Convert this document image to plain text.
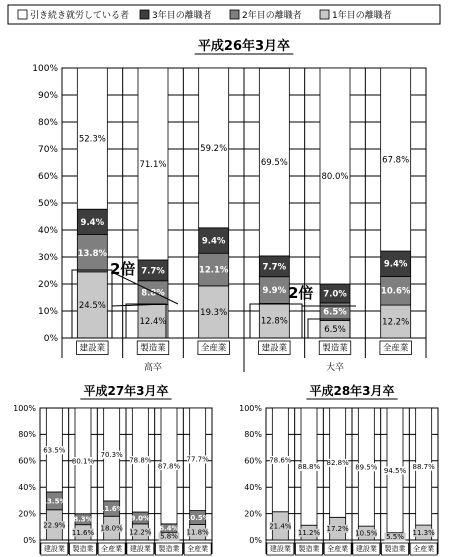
引き続き就労している者	3年目の離職者	2年目の離職者	1年目の離職者
平成26年3月卒
0%
10%
20%
30%
40%
50%
60%
70%
80%
90%
100%
24.5%
13.8%
9.4%
52.3%
建設業
12.4%
8.8%
7.7%
71.1%
製造業
19.3%
12.1%
9.4%
59.2%
全産業
12.8%
9.9%
7.7%
69.5%
建設業
6.5%
6.5%
7.0%
80.0%
製造業
12.2%
10.6%
9.4%
67.8%
全産業
高卒	大卒
平成27年3月卒
0%
20%
40%
60%
80%
100%
22.9%
13.5%
63.5%
建設業
11.6%
8.3%
80.1%
製造業
18.0%
11.6%
70.3%
全産業
12.2%
9.0%
78.8%
建設業
5.8%
6.4%
87.8%
製造業
11.8%
10.5%
77.7%
全産業
平成28年3月卒
0%
20%
40%
60%
80%
100%
21.4%
78.6%
建設業
11.2%
88.8%
製造業
17.2%
82.8%
全産業
10.5%
89.5%
建設業
5.5%
94.5%
製造業
11.3%
88.7%
全産業
2倍
2倍
